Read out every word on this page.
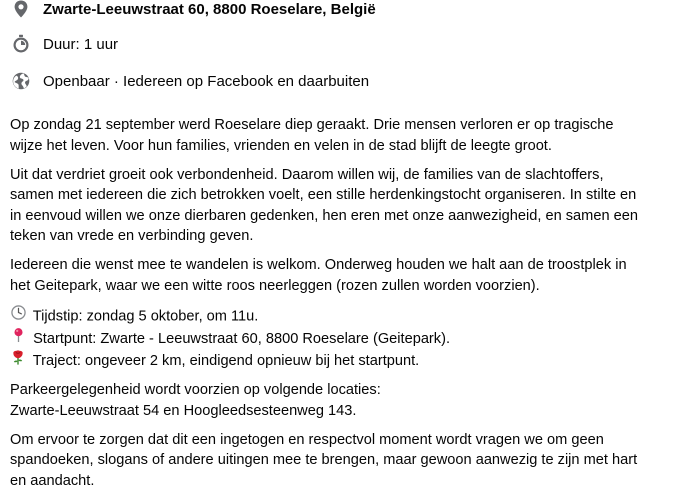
Zwarte-Leeuwstraat 60, 8800 Roeselare, België
Duur: 1 uur
Openbaar · Iedereen op Facebook en daarbuiten

Op zondag 21 september werd Roeselare diep geraakt. Drie mensen verloren er op tragische
wijze het leven. Voor hun families, vrienden en velen in de stad blijft de leegte groot.

Uit dat verdriet groeit ook verbondenheid. Daarom willen wij, de families van de slachtoffers,
samen met iedereen die zich betrokken voelt, een stille herdenkingstocht organiseren. In stilte en
in eenvoud willen we onze dierbaren gedenken, hen eren met onze aanwezigheid, en samen een
teken van vrede en verbinding geven.

Iedereen die wenst mee te wandelen is welkom. Onderweg houden we halt aan de troostplek in
het Geitepark, waar we een witte roos neerleggen (rozen zullen worden voorzien).

Tijdstip: zondag 5 oktober, om 11u.
Startpunt: Zwarte - Leeuwstraat 60, 8800 Roeselare (Geitepark).
Traject: ongeveer 2 km, eindigend opnieuw bij het startpunt.

Parkeergelegenheid wordt voorzien op volgende locaties:
Zwarte-Leeuwstraat 54 en Hoogleedsesteenweg 143.

Om ervoor te zorgen dat dit een ingetogen en respectvol moment wordt vragen we om geen
spandoeken, slogans of andere uitingen mee te brengen, maar gewoon aanwezig te zijn met hart
en aandacht.
